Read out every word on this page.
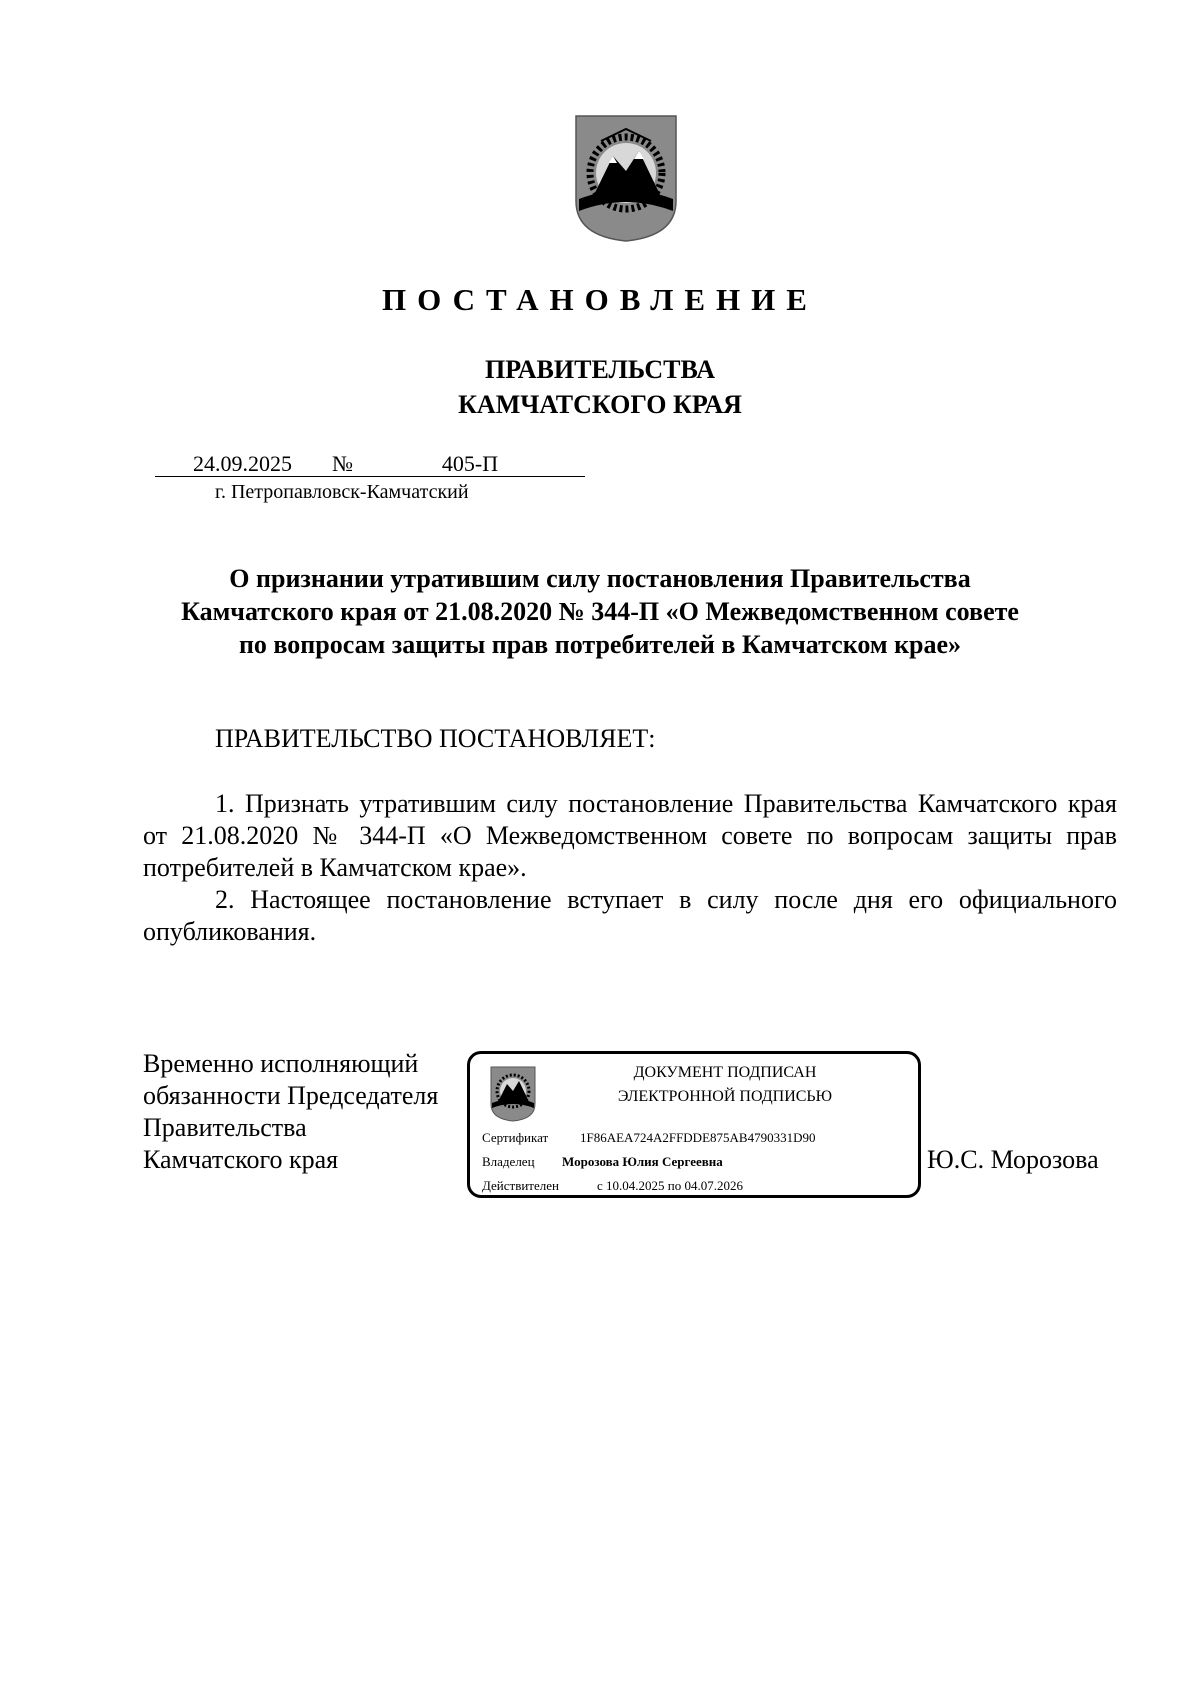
ПОСТАНОВЛЕНИЕ
ПРАВИТЕЛЬСТВА
КАМЧАТСКОГО КРАЯ
24.09.2025 №	405-П
г. Петропавловск-Камчатский
О признании утратившим силу постановления Правительства
Камчатского края от 21.08.2020 № 344-П «О Межведомственном совете
по вопросам защиты прав потребителей в Камчатском крае»
ПРАВИТЕЛЬСТВО ПОСТАНОВЛЯЕТ:

1. Признать утратившим силу постановление Правительства Камчатского края от 21.08.2020 № 344-П «О Межведомственном совете по вопросам защиты прав потребителей в Камчатском крае».

2. Настоящее постановление вступает в силу после дня его официального опубликования.

Временно исполняющий
обязанности Председателя
Правительства
Камчатского края
ДОКУМЕНТ ПОДПИСАН
ЭЛЕКТРОННОЙ ПОДПИСЬЮ
Сертификат 1F86AEA724A2FFDDE875AB4790331D90
Владелец Морозова Юлия Сергеевна
Действителен	с 10.04.2025 по 04.07.2026
Ю.С. Морозова
